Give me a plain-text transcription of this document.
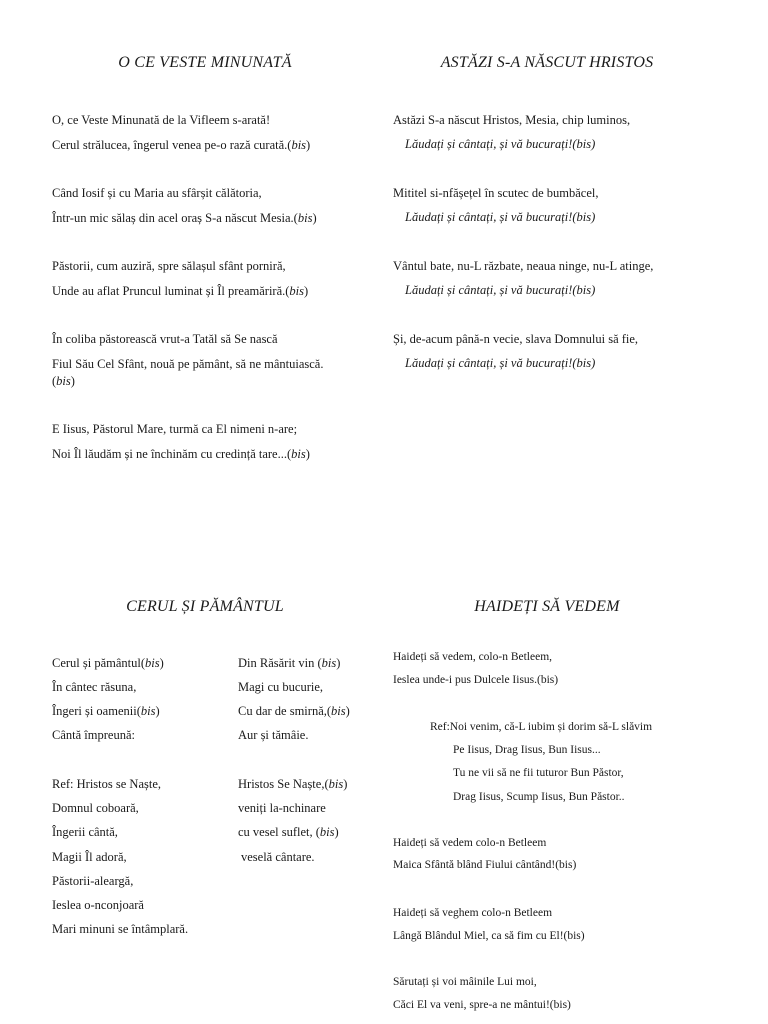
O CE VESTE MINUNATĂ
O, ce Veste Minunată de la Vifleem s-arată!
Cerul strălucea, îngerul venea pe-o rază curată.(bis)
Când Iosif și cu Maria au sfârșit călătoria,
Într-un mic sălaș din acel oraș S-a născut Mesia.(bis)
Păstorii, cum auziră, spre sălașul sfânt porniră,
Unde au aflat Pruncul luminat și Îl preamăriră.(bis)
În coliba păstorească vrut-a Tatăl să Se nască
Fiul Său Cel Sfânt, nouă pe pământ, să ne mântuiască.
(bis)
E Iisus, Păstorul Mare, turmă ca El nimeni n-are;
Noi Îl lăudăm și ne închinăm cu credință tare...(bis)
ASTĂZI S-A NĂSCUT HRISTOS
Astăzi S-a născut Hristos, Mesia, chip luminos,
Lăudați și cântați, și vă bucurați!(bis)
Mititel si-nfășețel în scutec de bumbăcel,
Lăudați și cântați, și vă bucurați!(bis)
Vântul bate, nu-L răzbate, neaua ninge, nu-L atinge,
Lăudați și cântați, și vă bucurați!(bis)
Și, de-acum până-n vecie, slava Domnului să fie,
Lăudați și cântați, și vă bucurați!(bis)
CERUL ȘI PĂMÂNTUL
Cerul și pământul(bis)
În cântec răsuna,
Îngeri și oamenii(bis)
Cântă împreună:
Ref: Hristos se Naște,
Domnul coboară,
Îngerii cântă,
Magii Îl adoră,
Păstorii-aleargă,
Ieslea o-nconjoară
Mari minuni se întâmplară.
Din Răsărit vin (bis)
Magi cu bucurie,
Cu dar de smirnă,(bis)
Aur și tămâie.
Hristos Se Naște,(bis)
veniți la-nchinare
cu vesel suflet, (bis)
veselă cântare.
HAIDEȚI SĂ VEDEM
Haideți să vedem, colo-n Betleem,
Ieslea unde-i pus Dulcele Iisus.(bis)
Ref:Noi venim, că-L iubim și dorim să-L slăvim
Pe Iisus, Drag Iisus, Bun Iisus...
Tu ne vii să ne fii tuturor Bun Păstor,
Drag Iisus, Scump Iisus, Bun Păstor..
Haideți să vedem colo-n Betleem
Maica Sfântă blând Fiului cântând!(bis)
Haideți să veghem colo-n Betleem
Lângă Blândul Miel, ca să fim cu El!(bis)
Sărutați și voi mâinile Lui moi,
Căci El va veni, spre-a ne mântui!(bis)
